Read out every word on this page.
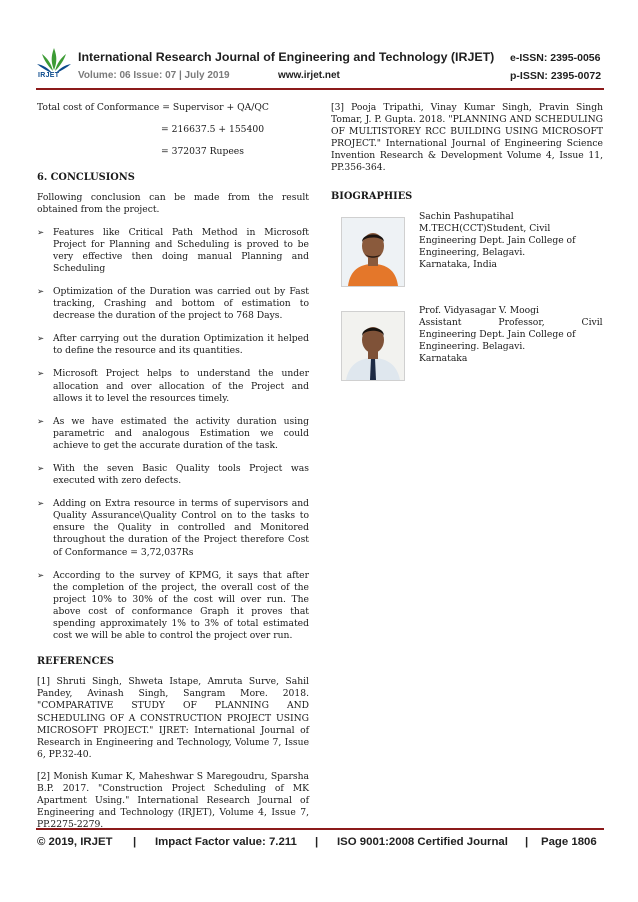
IRJET
International Research Journal of Engineering and Technology (IRJET) e-ISSN: 2395-0056
Volume: 06 Issue: 07 | July 2019	www.irjet.net	p-ISSN: 2395-0072

Total cost of Conformance = Supervisor + QA/QC

= 216637.5 + 155400

= 372037 Rupees

6. CONCLUSIONS

Following conclusion can be made from the result obtained from the project.

➢ Features like Critical Path Method in Microsoft Project for Planning and Scheduling is proved to be very effective then doing manual Planning and Scheduling
➢ Optimization of the Duration was carried out by Fast tracking, Crashing and bottom of estimation to decrease the duration of the project to 768 Days.
➢ After carrying out the duration Optimization it helped to define the resource and its quantities.
➢ Microsoft Project helps to understand the under allocation and over allocation of the Project and allows it to level the resources timely.
➢ As we have estimated the activity duration using parametric and analogous Estimation we could achieve to get the accurate duration of the task.
➢ With the seven Basic Quality tools Project was executed with zero defects.
➢ Adding on Extra resource in terms of supervisors and Quality Assurance\Quality Control on to the tasks to ensure the Quality in controlled and Monitored throughout the duration of the Project therefore Cost of Conformance = 3,72,037Rs
➢ According to the survey of KPMG, it says that after the completion of the project, the overall cost of the project 10% to 30% of the cost will over run. The above cost of conformance Graph it proves that spending approximately 1% to 3% of total estimated cost we will be able to control the project over run.
REFERENCES

[1] Shruti Singh, Shweta Istape, Amruta Surve, Sahil Pandey, Avinash Singh, Sangram More. 2018. "COMPARATIVE STUDY OF PLANNING AND SCHEDULING OF A CONSTRUCTION PROJECT USING MICROSOFT PROJECT." IJRET: International Journal of Research in Engineering and Technology, Volume 7, Issue 6, PP.32-40.

[2] Monish Kumar K, Maheshwar S Maregoudru, Sparsha B.P. 2017. "Construction Project Scheduling of MK Apartment Using." International Research Journal of Engineering and Technology (IRJET), Volume 4, Issue 7, PP.2275-2279.

[3] Pooja Tripathi, Vinay Kumar Singh, Pravin Singh Tomar, J. P. Gupta. 2018. "PLANNING AND SCHEDULING OF MULTISTOREY RCC BUILDING USING MICROSOFT PROJECT." International Journal of Engineering Science Invention Research & Development Volume 4, Issue 11, PP.356-364.

BIOGRAPHIES
Sachin Pashupatihal
M.TECH(CCT)Student, Civil
Engineering Dept. Jain College of
Engineering, Belagavi.
Karnataka, India
Prof. Vidyasagar V. Moogi
Assistant Professor, Civil
Engineering Dept. Jain College of
Engineering. Belagavi.
Karnataka
© 2019, IRJET | Impact Factor value: 7.211 | ISO 9001:2008 Certified Journal | Page 1806
